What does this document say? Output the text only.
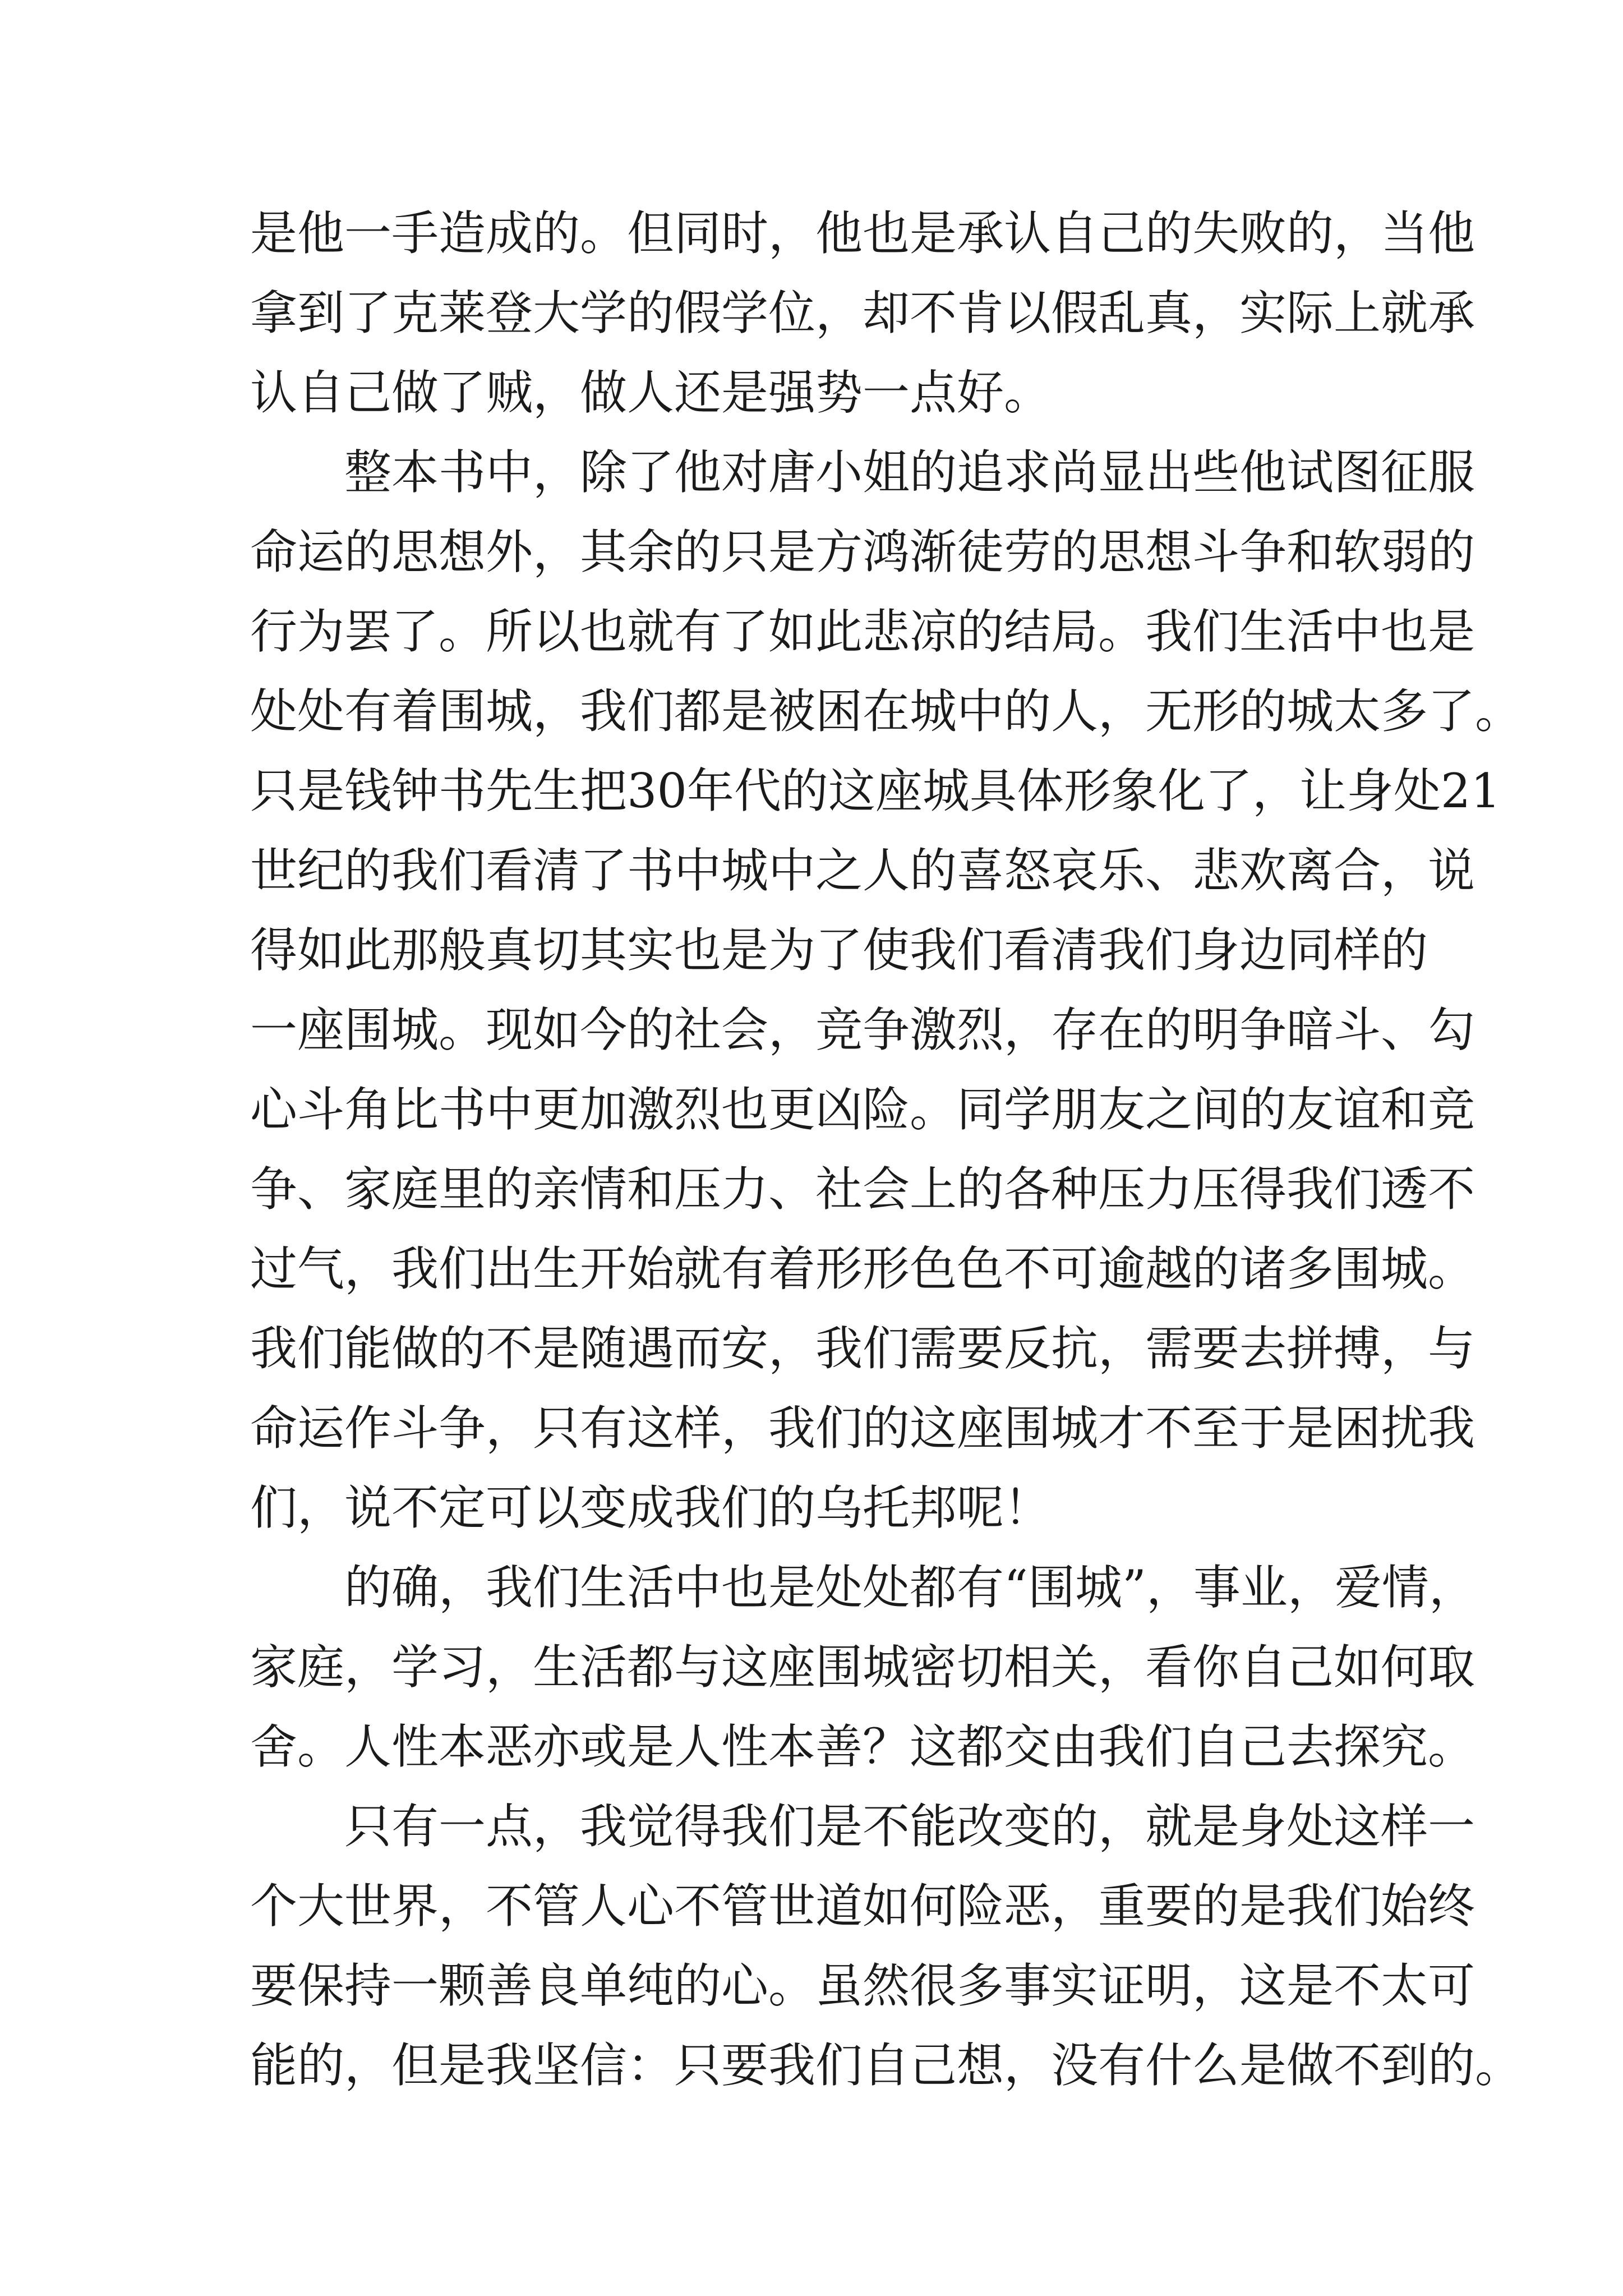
是他一手造成的。但同时，他也是承认自己的失败的，当他
拿到了克莱登大学的假学位，却不肯以假乱真，实际上就承
认自己做了贼，做人还是强势一点好。
整本书中，除了他对唐小姐的追求尚显出些他试图征服
命运的思想外，其余的只是方鸿渐徒劳的思想斗争和软弱的
行为罢了。所以也就有了如此悲凉的结局。我们生活中也是
处处有着围城，我们都是被困在城中的人，无形的城太多了。
只是钱钟书先生把30年代的这座城具体形象化了，让身处21
世纪的我们看清了书中城中之人的喜怒哀乐、悲欢离合，说
得如此那般真切其实也是为了使我们看清我们身边同样的
一座围城。现如今的社会，竞争激烈，存在的明争暗斗、勾
心斗角比书中更加激烈也更凶险。同学朋友之间的友谊和竞
争、家庭里的亲情和压力、社会上的各种压力压得我们透不
过气，我们出生开始就有着形形色色不可逾越的诸多围城。
我们能做的不是随遇而安，我们需要反抗，需要去拼搏，与
命运作斗争，只有这样，我们的这座围城才不至于是困扰我
们，说不定可以变成我们的乌托邦呢！
的确，我们生活中也是处处都有“围城”，事业，爱情，
家庭，学习，生活都与这座围城密切相关，看你自己如何取
舍。人性本恶亦或是人性本善？这都交由我们自己去探究。
只有一点，我觉得我们是不能改变的，就是身处这样一
个大世界，不管人心不管世道如何险恶，重要的是我们始终
要保持一颗善良单纯的心。虽然很多事实证明，这是不太可
能的，但是我坚信：只要我们自己想，没有什么是做不到的。
